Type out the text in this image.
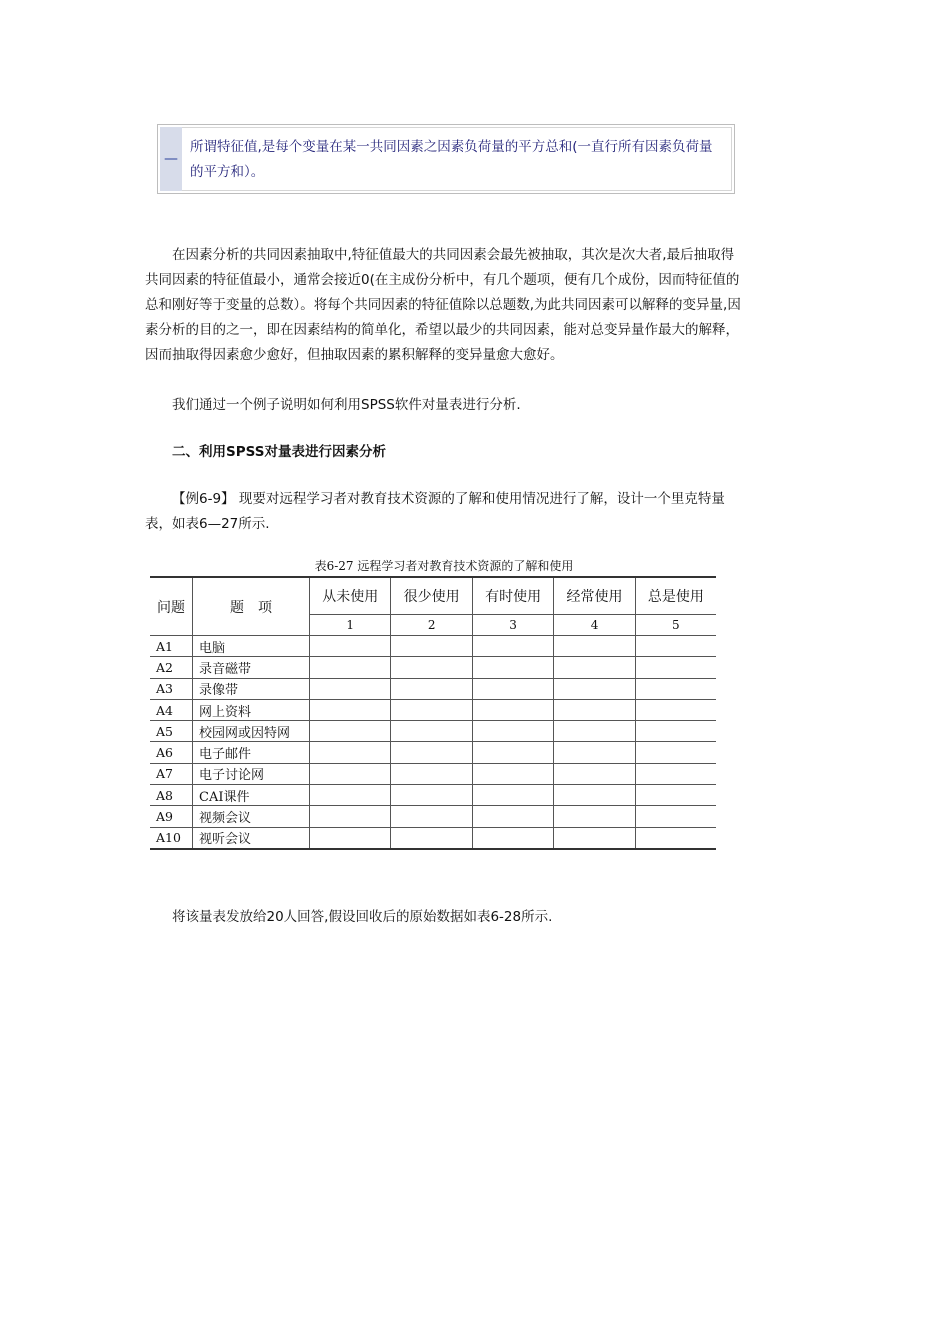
—
所谓特征值,是每个变量在某一共同因素之因素负荷量的平方总和(一直行所有因素负荷量的平方和）。

在因素分析的共同因素抽取中,特征值最大的共同因素会最先被抽取，其次是次大者,最后抽取得共同因素的特征值最小，通常会接近0(在主成份分析中，有几个题项，便有几个成份，因而特征值的总和刚好等于变量的总数）。将每个共同因素的特征值除以总题数,为此共同因素可以解释的变异量,因素分析的目的之一，即在因素结构的简单化，希望以最少的共同因素，能对总变异量作最大的解释，因而抽取得因素愈少愈好，但抽取因素的累积解释的变异量愈大愈好。

我们通过一个例子说明如何利用SPSS软件对量表进行分析.

二、利用SPSS对量表进行因素分析

【例6-9】 现要对远程学习者对教育技术资源的了解和使用情况进行了解，设计一个里克特量表，如表6—27所示.

表6-27 远程学习者对教育技术资源的了解和使用
问题	题　项	从未使用	很少使用	有时使用	经常使用	总是使用
		1	2	3	4	5
A1	电脑					
A2	录音磁带					
A3	录像带					
A4	网上资料					
A5	校园网或因特网					
A6	电子邮件					
A7	电子讨论网					
A8	CAI课件					
A9	视频会议					
A10	视听会议					

将该量表发放给20人回答,假设回收后的原始数据如表6-28所示.
